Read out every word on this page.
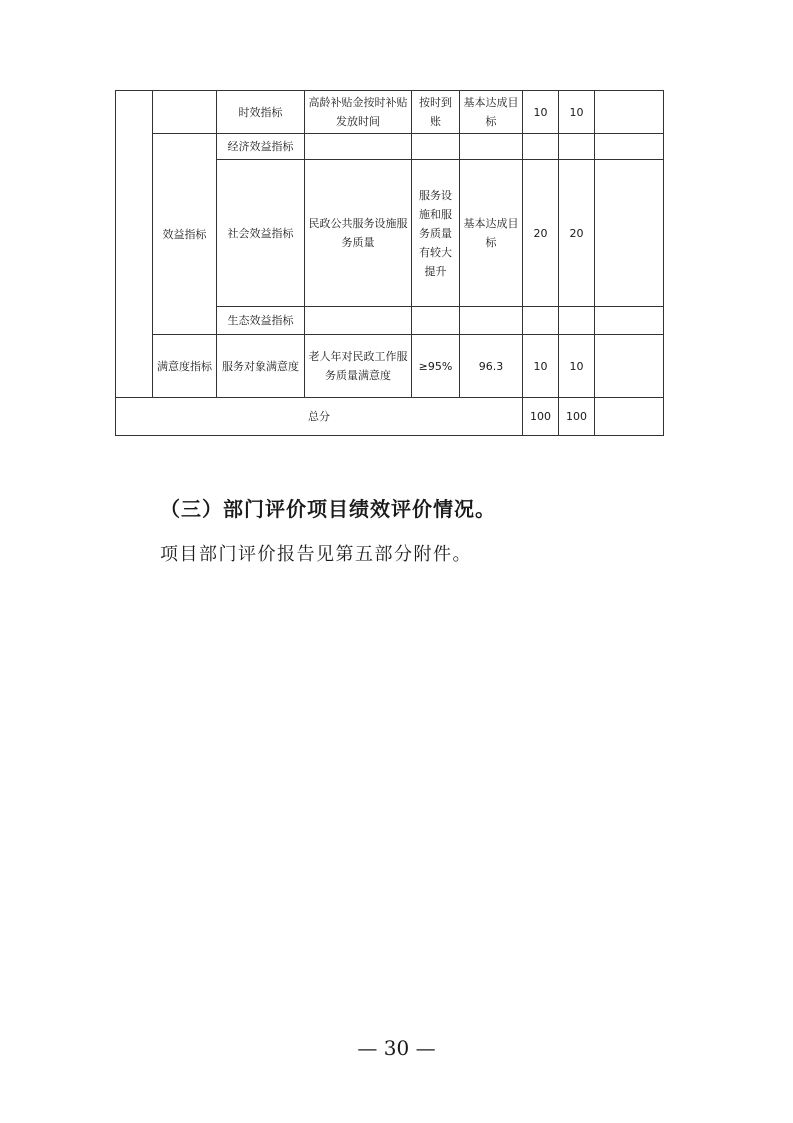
		时效指标	高龄补贴金按时补贴发放时间	按时到账	基本达成目标	10	10	
	效益指标	经济效益指标						
		社会效益指标	民政公共服务设施服务质量	服务设施和服务质量有较大提升	基本达成目标	20	20	
		生态效益指标						
	满意度指标	服务对象满意度	老人年对民政工作服务质量满意度	≥95%	96.3	10	10	
总分						100	100	

（三）部门评价项目绩效评价情况。

项目部门评价报告见第五部分附件。

— 30 —
